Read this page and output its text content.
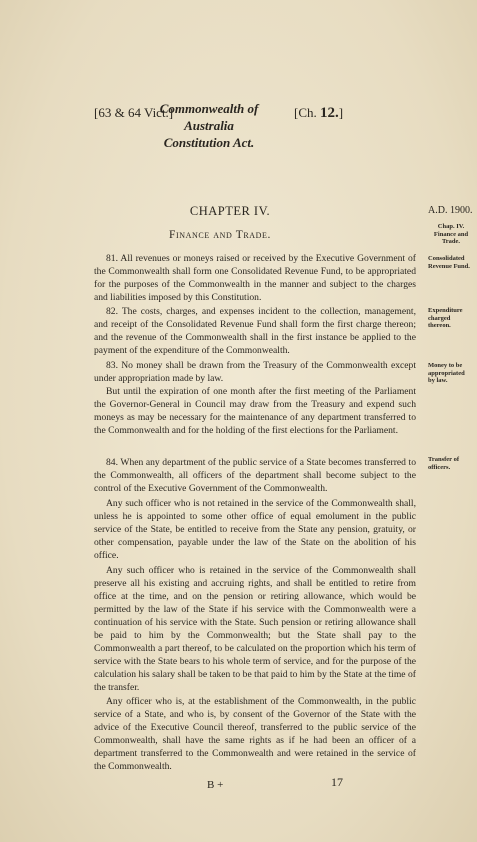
[63 & 64 Vict.]
Commonwealth of Australia
Constitution Act.
[Ch. 12.]
CHAPTER IV.	A.D. 1900.
Finance and Trade.
Chap. IV.
Finance and
Trade.
Consolidated
Revenue Fund.
Expenditure
charged
thereon.
Money to be
appropriated
by law.
Transfer of
officers.
81. All revenues or moneys raised or received by the Executive Government of the Commonwealth shall form one Consolidated Revenue Fund, to be appropriated for the purposes of the Commonwealth in the manner and subject to the charges and liabilities imposed by this Constitution.
82. The costs, charges, and expenses incident to the collection, management, and receipt of the Consolidated Revenue Fund shall form the first charge thereon; and the revenue of the Commonwealth shall in the first instance be applied to the payment of the expenditure of the Commonwealth.
83. No money shall be drawn from the Treasury of the Commonwealth except under appropriation made by law.
But until the expiration of one month after the first meeting of the Parliament the Governor-General in Council may draw from the Treasury and expend such moneys as may be necessary for the maintenance of any department transferred to the Commonwealth and for the holding of the first elections for the Parliament.
84. When any department of the public service of a State becomes transferred to the Commonwealth, all officers of the department shall become subject to the control of the Executive Government of the Commonwealth.
Any such officer who is not retained in the service of the Commonwealth shall, unless he is appointed to some other office of equal emolument in the public service of the State, be entitled to receive from the State any pension, gratuity, or other compensation, payable under the law of the State on the abolition of his office.
Any such officer who is retained in the service of the Commonwealth shall preserve all his existing and accruing rights, and shall be entitled to retire from office at the time, and on the pension or retiring allowance, which would be permitted by the law of the State if his service with the Commonwealth were a continuation of his service with the State. Such pension or retiring allowance shall be paid to him by the Commonwealth; but the State shall pay to the Commonwealth a part thereof, to be calculated on the proportion which his term of service with the State bears to his whole term of service, and for the purpose of the calculation his salary shall be taken to be that paid to him by the State at the time of the transfer.
Any officer who is, at the establishment of the Commonwealth, in the public service of a State, and who is, by consent of the Governor of the State with the advice of the Executive Council thereof, transferred to the public service of the Commonwealth, shall have the same rights as if he had been an officer of a department transferred to the Commonwealth and were retained in the service of the Commonwealth.
B +	17
